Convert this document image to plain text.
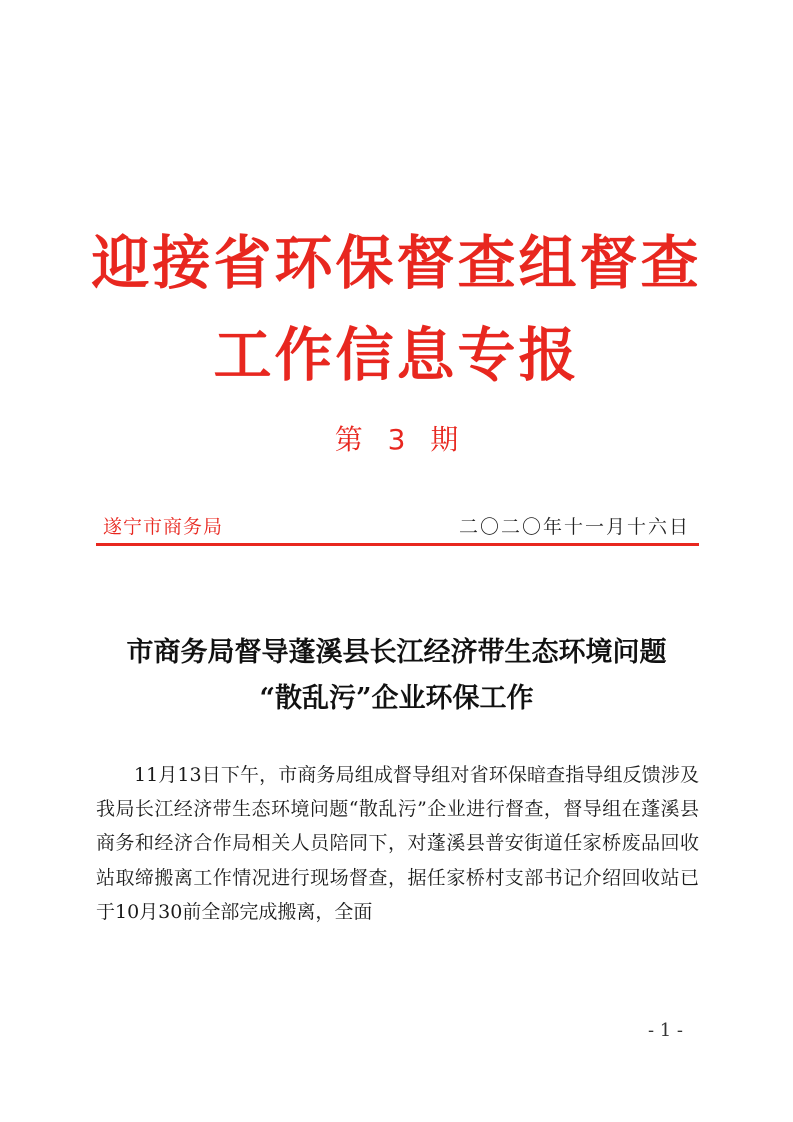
迎接省环保督查组督查
工作信息专报
第 3 期
遂宁市商务局	二〇二〇年十一月十六日
市商务局督导蓬溪县长江经济带生态环境问题
“散乱污”企业环保工作

11月13日下午，市商务局组成督导组对省环保暗查指导组反馈涉及我局长江经济带生态环境问题“散乱污”企业进行督查，督导组在蓬溪县商务和经济合作局相关人员陪同下，对蓬溪县普安街道任家桥废品回收站取缔搬离工作情况进行现场督查，据任家桥村支部书记介绍回收站已于10月30前全部完成搬离，全面

- 1 -
